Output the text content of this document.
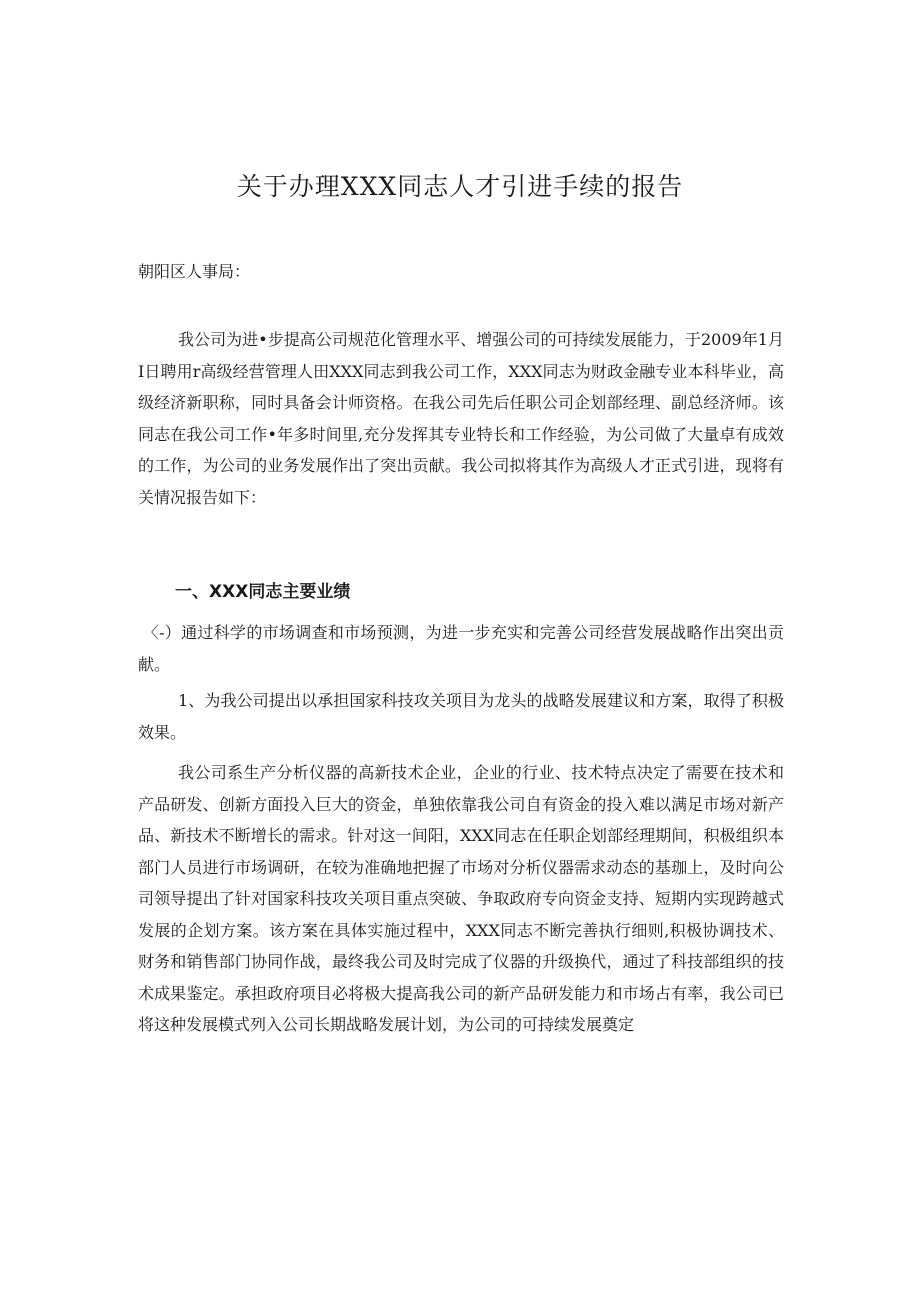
关于办理XXX同志人才引进手续的报告
朝阳区人事局：

我公司为进•步提高公司规范化管理水平、增强公司的可持续发展能力，于2009年1月I日聘用r高级经营管理人田XXX同志到我公司工作，XXX同志为财政金融专业本科毕业，高级经济新职称，同时具备会计师资格。在我公司先后任职公司企划部经理、副总经济师。该同志在我公司工作•年多时间里,充分发挥其专业特长和工作经验，为公司做了大量卓有成效的工作，为公司的业务发展作出了突出贡献。我公司拟将其作为高级人才正式引进，现将有关情况报告如下：

一、XXX同志主要业绩

〈-）通过科学的市场调查和市场预测，为进一步充实和完善公司经营发展战略作出突出贡献。

1、为我公司提出以承担国家科技攻关项目为龙头的战略发展建议和方案，取得了积极效果。

我公司系生产分析仪器的高新技术企业，企业的行业、技术特点决定了需要在技术和产品研发、创新方面投入巨大的资金，单独依靠我公司自有资金的投入难以满足市场对新产品、新技术不断增长的需求。针对这一间阳，XXX同志在任职企划部经理期间，积极组织本部门人员进行市场调研，在较为准确地把握了市场对分析仪器需求动态的基珈上，及时向公司领导提出了针对国家科技攻关项目重点突破、争取政府专向资金支持、短期内实现跨越式发展的企划方案。该方案在具体实施过程中，XXX同志不断完善执行细则,积极协调技术、财务和销售部门协同作战，最终我公司及时完成了仪器的升级换代，通过了科技部组织的技术成果鉴定。承担政府项目必将极大提高我公司的新产品研发能力和市场占有率，我公司已将这种发展模式列入公司长期战略发展计划，为公司的可持续发展奠定
